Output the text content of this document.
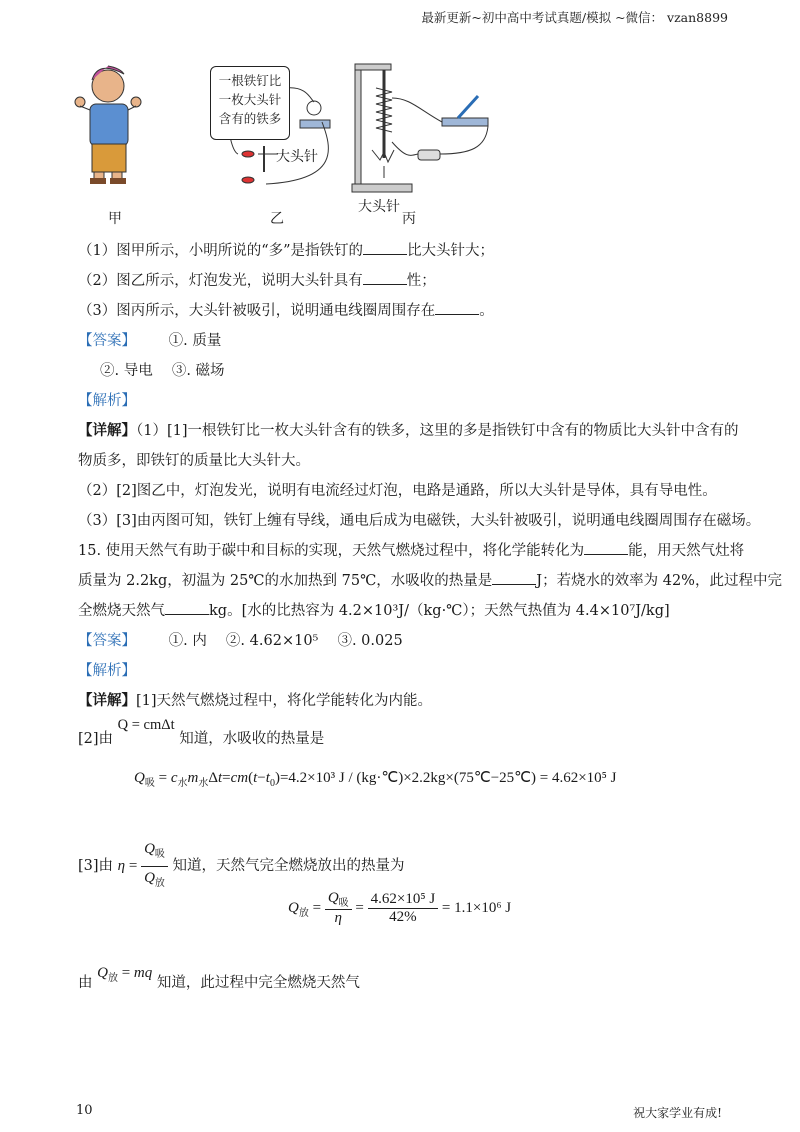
最新更新~初中高中考试真题/模拟 ~微信： vzan8899
一根铁钉比
一枚大头针
含有的铁多
大头针
大头针
甲	乙	丙
（1）图甲所示，小明所说的“多”是指铁钉的	比大头针大；
（2）图乙所示，灯泡发光，说明大头针具有	性；
（3）图丙所示，大头针被吸引，说明通电线圈周围存在	。
【答案】 ①. 质量
②. 导电　 ③. 磁场
【解析】
【详解】（1）[1]一根铁钉比一枚大头针含有的铁多，这里的多是指铁钉中含有的物质比大头针中含有的
物质多，即铁钉的质量比大头针大。
（2）[2]图乙中，灯泡发光，说明有电流经过灯泡，电路是通路，所以大头针是导体，具有导电性。
（3）[3]由丙图可知，铁钉上缠有导线，通电后成为电磁铁，大头针被吸引，说明通电线圈周围存在磁场。
15. 使用天然气有助于碳中和目标的实现，天然气燃烧过程中，将化学能转化为	能，用天然气灶将
质量为 2.2kg，初温为 25℃的水加热到 75℃，水吸收的热量是	J；若烧水的效率为 42%，此过程中完
全燃烧天然气	kg。[水的比热容为 4.2×10³J/（kg·℃）；天然气热值为 4.4×10⁷J/kg]
【答案】 ①. 内　 ②. 4.62×10⁵　 ③. 0.025
【解析】
【详解】[1]天然气燃烧过程中，将化学能转化为内能。
[2]由 Q = cmΔt 知道，水吸收的热量是
$Q_吸 = c_水m_水\Delta t=cm(t-t_0)=4.2\times 10^3$ J / (kg·℃)×2.2kg×(75℃−25℃) = 4.62×10⁵ J
[3]由 $\eta = \frac{Q_吸}{Q_放}$ 知道，天然气完全燃烧放出的热量为
$Q_放 = \frac{Q_吸}{\eta} = \frac{\text{4.62×10⁵ J}}{42\%} = 1.1\times 10^6$ J
由 $Q_放$ = mq 知道，此过程中完全燃烧天然气
10	祝大家学业有成!
